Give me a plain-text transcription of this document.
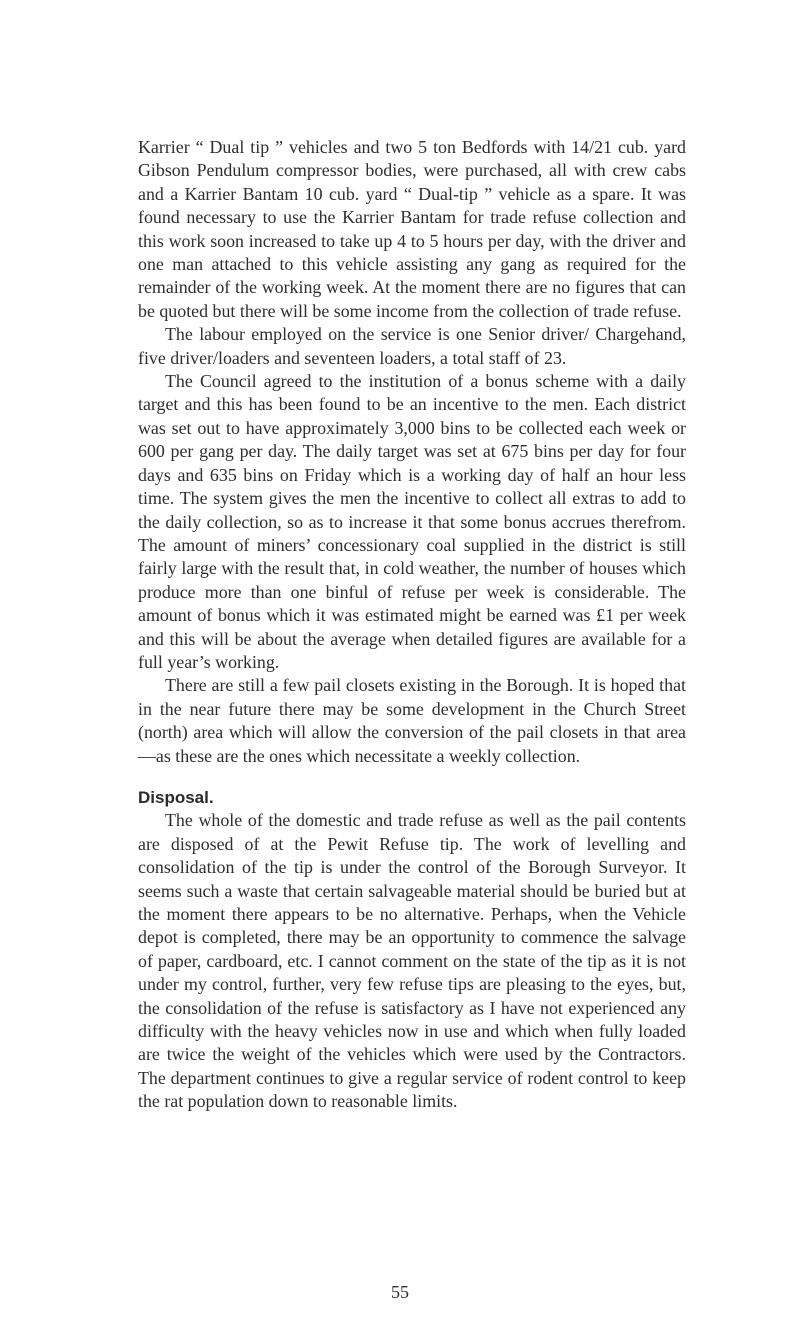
Karrier “ Dual tip ” vehicles and two 5 ton Bedfords with 14/21 cub. yard Gibson Pendulum compressor bodies, were purchased, all with crew cabs and a Karrier Bantam 10 cub. yard “ Dual-tip ” vehicle as a spare. It was found necessary to use the Karrier Bantam for trade refuse collection and this work soon increased to take up 4 to 5 hours per day, with the driver and one man attached to this vehicle assisting any gang as required for the remainder of the working week. At the moment there are no figures that can be quoted but there will be some income from the collection of trade refuse.

The labour employed on the service is one Senior driver/ Chargehand, five driver/loaders and seventeen loaders, a total staff of 23.

The Council agreed to the institution of a bonus scheme with a daily target and this has been found to be an incentive to the men. Each district was set out to have approximately 3,000 bins to be collected each week or 600 per gang per day. The daily target was set at 675 bins per day for four days and 635 bins on Friday which is a working day of half an hour less time. The system gives the men the incentive to collect all extras to add to the daily collection, so as to increase it that some bonus accrues therefrom. The amount of miners’ concessionary coal supplied in the district is still fairly large with the result that, in cold weather, the number of houses which produce more than one binful of refuse per week is considerable. The amount of bonus which it was estimated might be earned was £1 per week and this will be about the average when detailed figures are available for a full year’s working.

There are still a few pail closets existing in the Borough. It is hoped that in the near future there may be some development in the Church Street (north) area which will allow the conversion of the pail closets in that area—as these are the ones which necessitate a weekly collection.

Disposal.

The whole of the domestic and trade refuse as well as the pail contents are disposed of at the Pewit Refuse tip. The work of levelling and consolidation of the tip is under the control of the Borough Surveyor. It seems such a waste that certain salvageable material should be buried but at the moment there appears to be no alternative. Perhaps, when the Vehicle depot is completed, there may be an opportunity to commence the salvage of paper, cardboard, etc. I cannot comment on the state of the tip as it is not under my control, further, very few refuse tips are pleasing to the eyes, but, the consolidation of the refuse is satisfactory as I have not experienced any difficulty with the heavy vehicles now in use and which when fully loaded are twice the weight of the vehicles which were used by the Contractors. The department continues to give a regular service of rodent control to keep the rat population down to reasonable limits.

55
